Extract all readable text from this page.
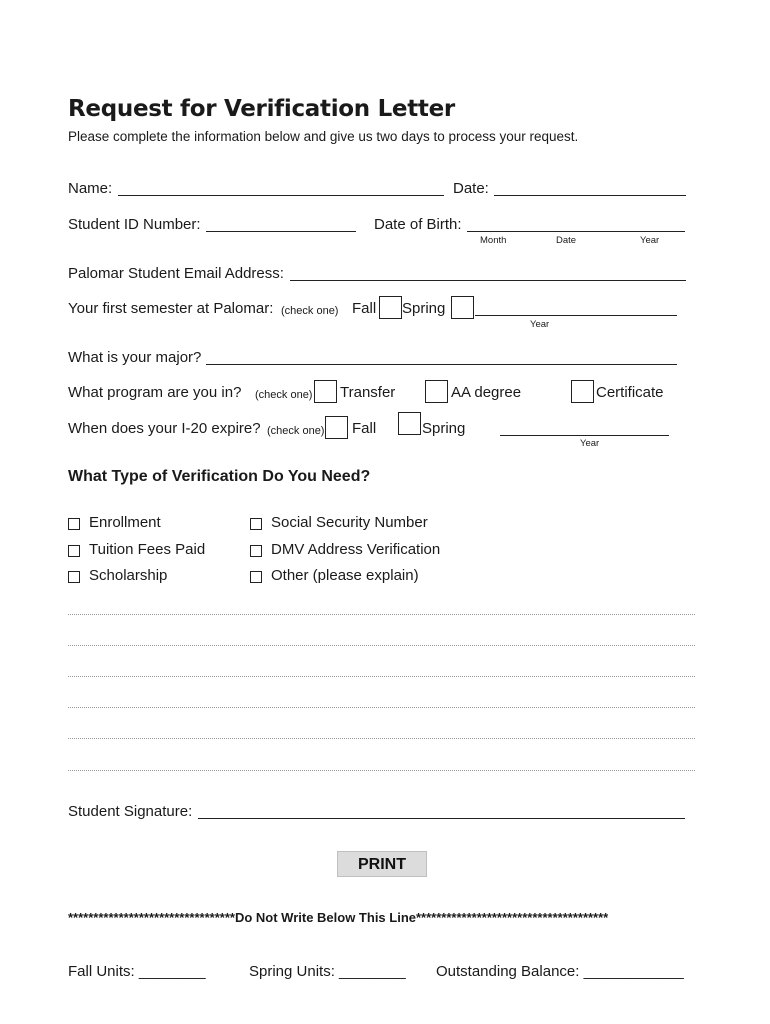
Request for Verification Letter
Please complete the information below and give us two days to process your request.
Name:	Date:
Student ID Number:	Date of Birth:
Month	Date	Year
Palomar Student Email Address:
Your first semester at Palomar: (check one) Fall Spring
Year
What is your major?
What program are you in? (check one) Transfer	AA degree	Certificate
When does your I-20 expire? (check one) Fall	Spring
Year
What Type of Verification Do You Need?
Enrollment
Tuition Fees Paid
Scholarship
Social Security Number
DMV Address Verification
Other (please explain)
Student Signature:
PRINT
*********************************Do Not Write Below This Line**************************************
Fall Units: ________	Spring Units: ________ Outstanding Balance: ____________
